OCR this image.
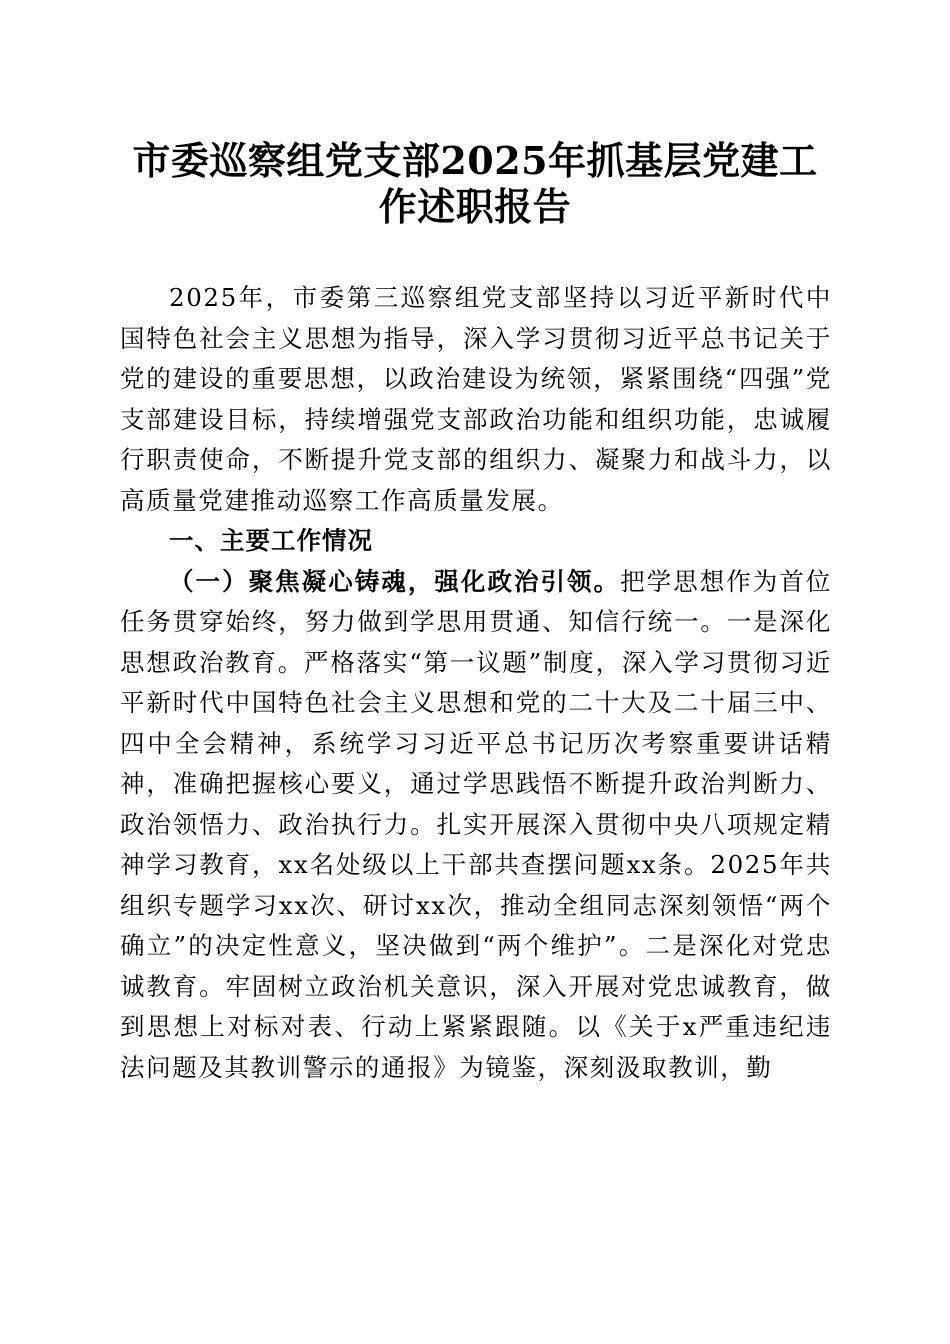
市委巡察组党支部2025年抓基层党建工作述职报告

2025年，市委第三巡察组党支部坚持以习近平新时代中国特色社会主义思想为指导，深入学习贯彻习近平总书记关于党的建设的重要思想，以政治建设为统领，紧紧围绕“四强”党支部建设目标，持续增强党支部政治功能和组织功能，忠诚履行职责使命，不断提升党支部的组织力、凝聚力和战斗力，以高质量党建推动巡察工作高质量发展。

一、主要工作情况

（一）聚焦凝心铸魂，强化政治引领。把学思想作为首位任务贯穿始终，努力做到学思用贯通、知信行统一。一是深化思想政治教育。严格落实“第一议题”制度，深入学习贯彻习近平新时代中国特色社会主义思想和党的二十大及二十届三中、四中全会精神，系统学习习近平总书记历次考察重要讲话精神，准确把握核心要义，通过学思践悟不断提升政治判断力、政治领悟力、政治执行力。扎实开展深入贯彻中央八项规定精神学习教育，xx名处级以上干部共查摆问题xx条。2025年共组织专题学习xx次、研讨xx次，推动全组同志深刻领悟“两个确立”的决定性意义，坚决做到“两个维护”。二是深化对党忠诚教育。牢固树立政治机关意识，深入开展对党忠诚教育，做到思想上对标对表、行动上紧紧跟随。以《关于x严重违纪违法问题及其教训警示的通报》为镜鉴，深刻汲取教训，勤
